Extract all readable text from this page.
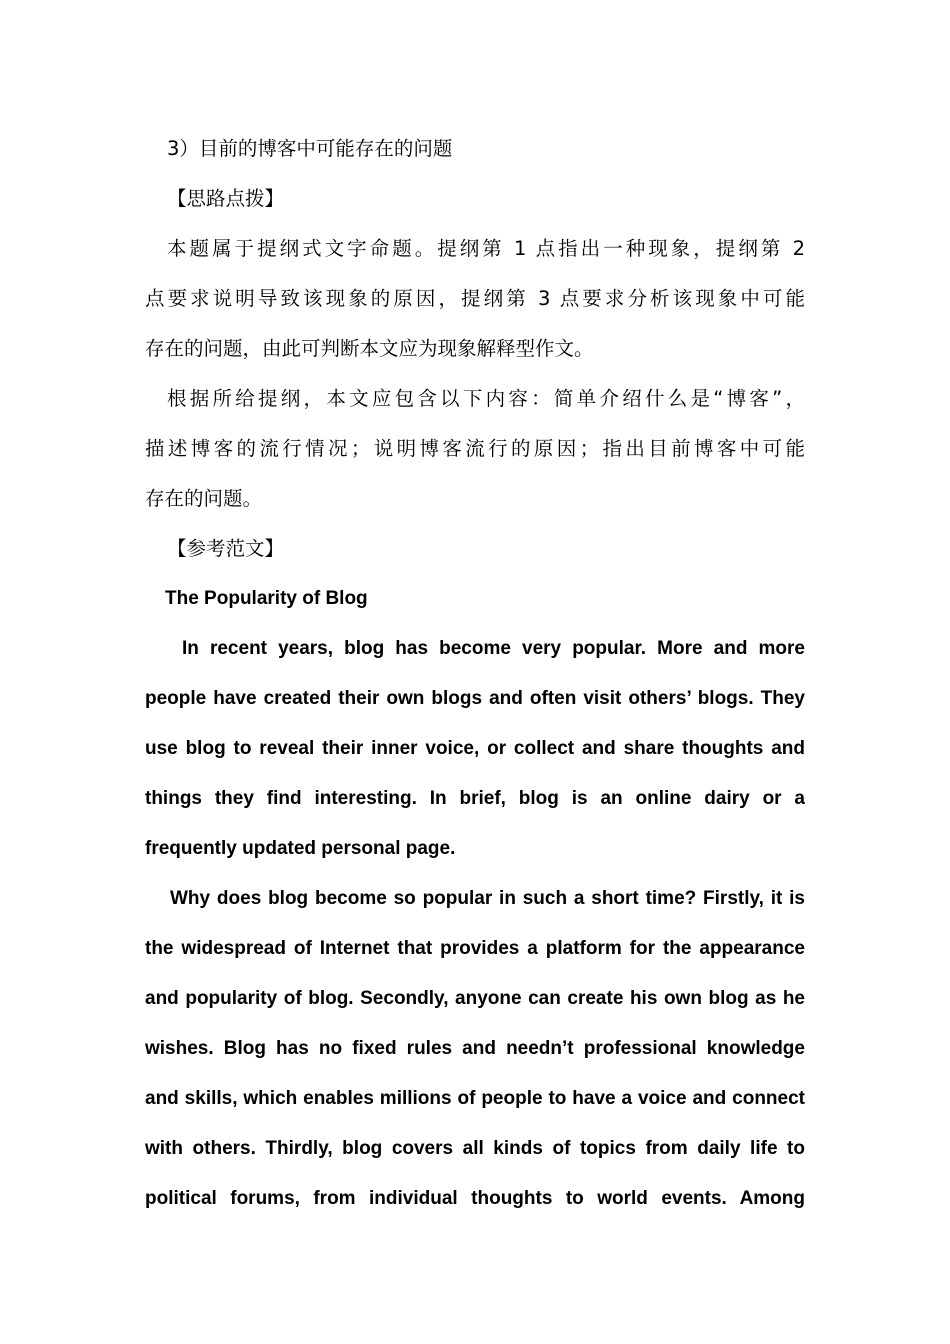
3）目前的博客中可能存在的问题
【思路点拨】
本题属于提纲式文字命题。提纲第 1 点指出一种现象，提纲第 2
点要求说明导致该现象的原因，提纲第 3 点要求分析该现象中可能
存在的问题，由此可判断本文应为现象解释型作文。
根据所给提纲，本文应包含以下内容：简单介绍什么是“博客”，
描述博客的流行情况；说明博客流行的原因；指出目前博客中可能
存在的问题。
【参考范文】
The Popularity of Blog
In recent years, blog has become very popular. More and more
people have created their own blogs and often visit others’ blogs. They
use blog to reveal their inner voice, or collect and share thoughts and
things they find interesting. In brief, blog is an online dairy or a
frequently updated personal page.
Why does blog become so popular in such a short time? Firstly, it is
the widespread of Internet that provides a platform for the appearance
and popularity of blog. Secondly, anyone can create his own blog as he
wishes. Blog has no fixed rules and needn’t professional knowledge
and skills, which enables millions of people to have a voice and connect
with others. Thirdly, blog covers all kinds of topics from daily life to
political forums, from individual thoughts to world events. Among
